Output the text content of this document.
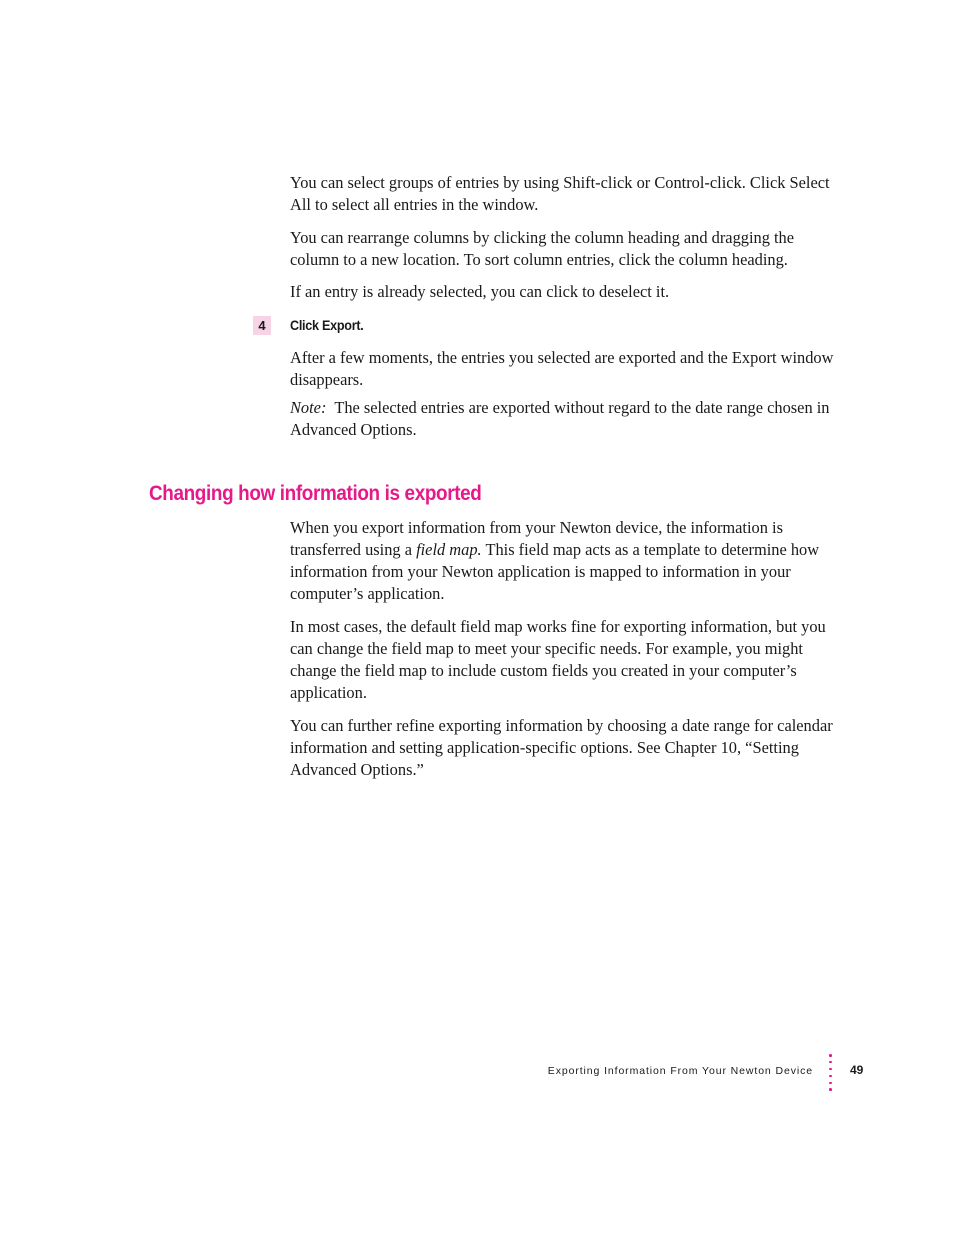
You can select groups of entries by using Shift-click or Control-click. Click Select All to select all entries in the window.

You can rearrange columns by clicking the column heading and dragging the column to a new location. To sort column entries, click the column heading.

If an entry is already selected, you can click to deselect it.

4	Click Export.

After a few moments, the entries you selected are exported and the Export window disappears.

Note: The selected entries are exported without regard to the date range chosen in Advanced Options.

Changing how information is exported

When you export information from your Newton device, the information is transferred using a field map. This field map acts as a template to determine how information from your Newton application is mapped to information in your computer’s application.

In most cases, the default field map works fine for exporting information, but you can change the field map to meet your specific needs. For example, you might change the field map to include custom fields you created in your computer’s application.

You can further refine exporting information by choosing a date range for calendar information and setting application-specific options. See Chapter 10, “Setting Advanced Options.”

Exporting Information From Your Newton Device	49
